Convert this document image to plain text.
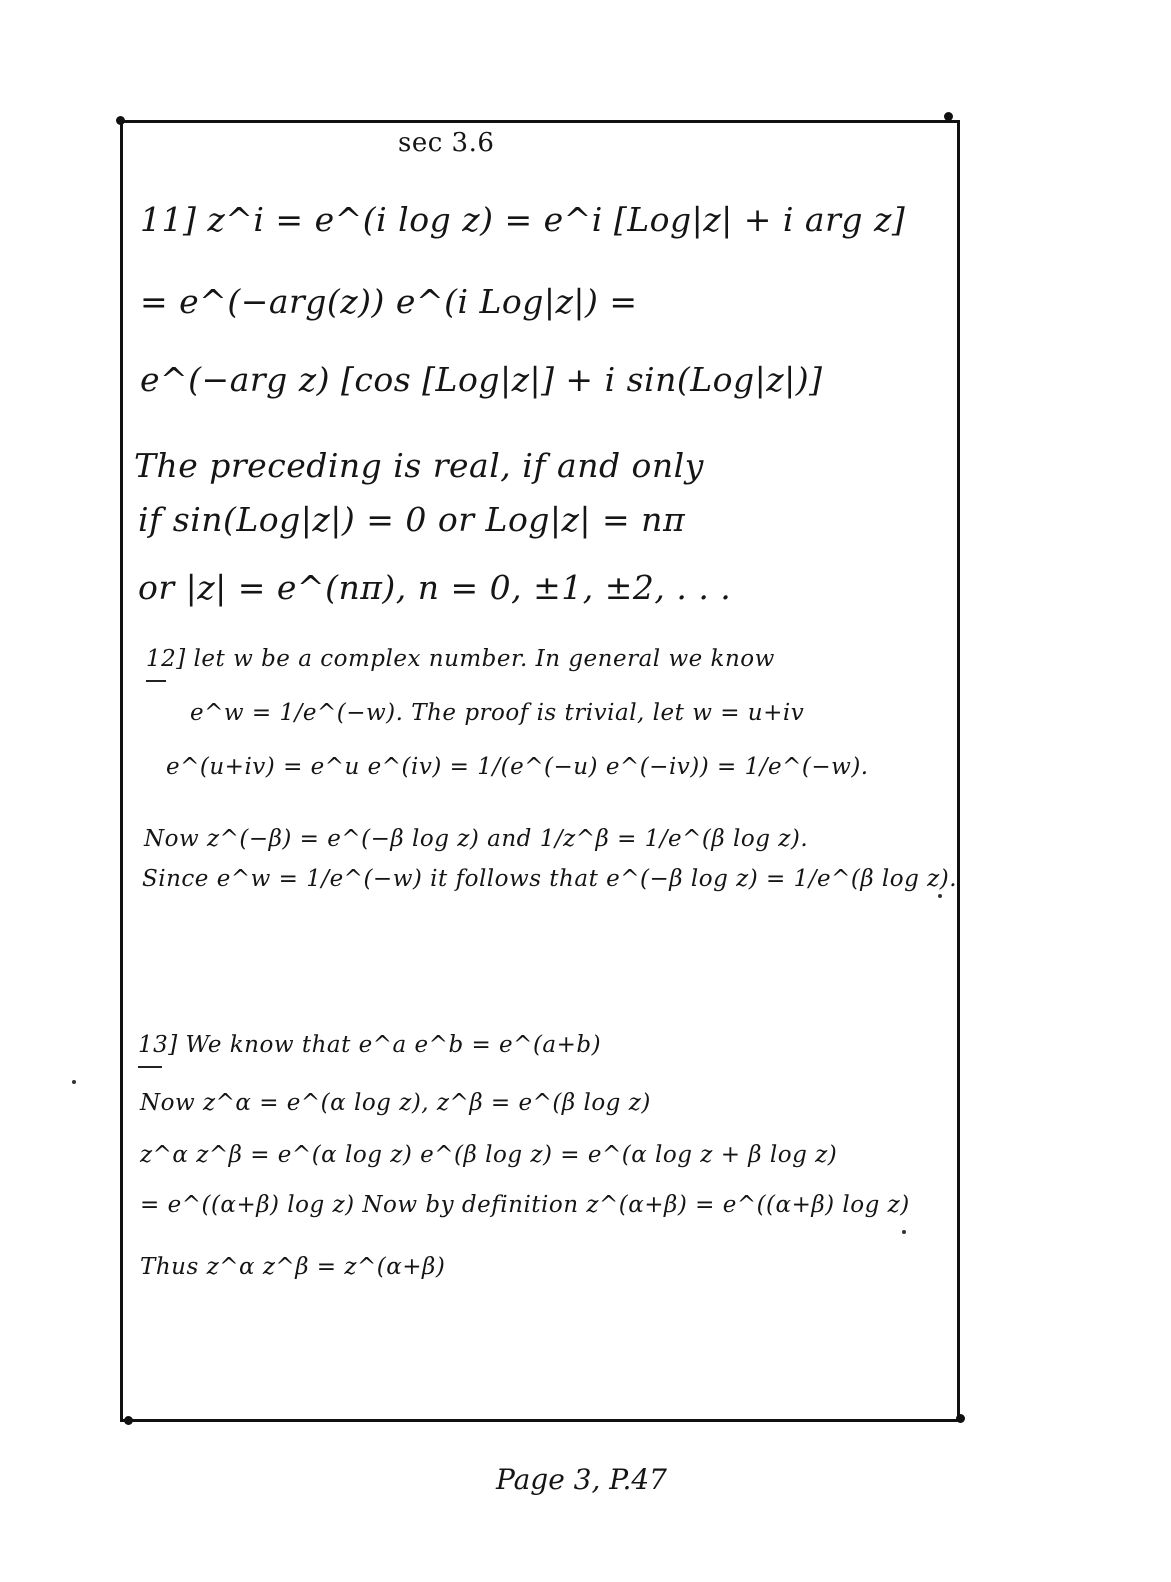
sec 3.6
11] z^i = e^(i log z) = e^i [Log|z| + i arg z]
= e^(−arg(z)) e^(i Log|z|) =
e^(−arg z) [cos [Log|z|] + i sin(Log|z|)]
The preceding is real, if and only
if sin(Log|z|) = 0 or Log|z| = nπ
or |z| = e^(nπ), n = 0, ±1, ±2, . . .
12] let w be a complex number. In general we know
e^w = 1/e^(−w). The proof is trivial, let w = u+iv
e^(u+iv) = e^u e^(iv) = 1/(e^(−u) e^(−iv)) = 1/e^(−w).
Now z^(−β) = e^(−β log z) and 1/z^β = 1/e^(β log z).
Since e^w = 1/e^(−w) it follows that e^(−β log z) = 1/e^(β log z).
13] We know that e^a e^b = e^(a+b)
Now z^α = e^(α log z), z^β = e^(β log z)
z^α z^β = e^(α log z) e^(β log z) = e^(α log z + β log z)
= e^((α+β) log z) Now by definition z^(α+β) = e^((α+β) log z)
Thus z^α z^β = z^(α+β)
Page 3, P.47
